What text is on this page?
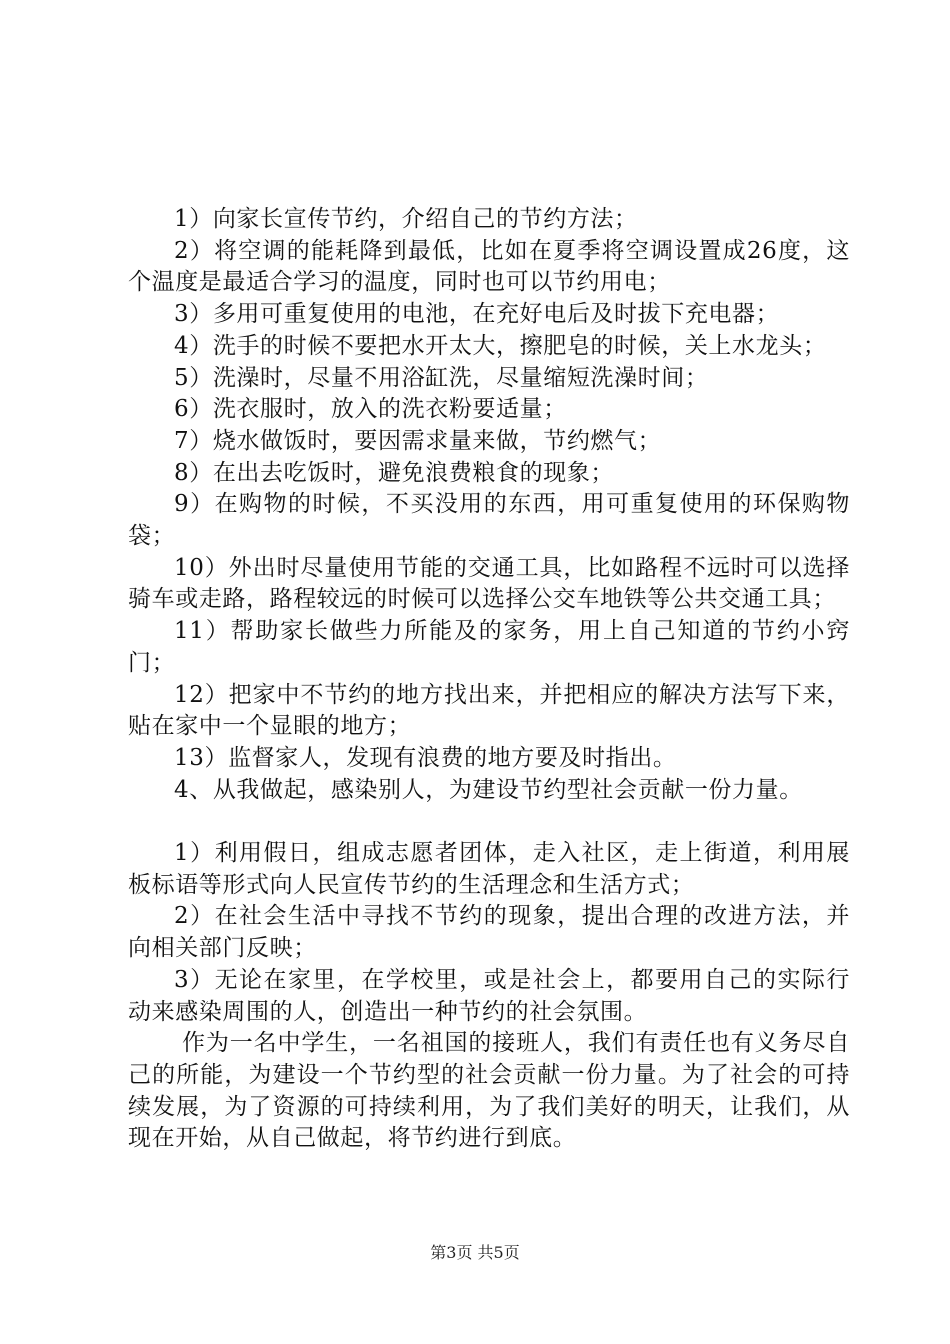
1）向家长宣传节约，介绍自己的节约方法；

2）将空调的能耗降到最低，比如在夏季将空调设置成26度，这个温度是最适合学习的温度，同时也可以节约用电；

3）多用可重复使用的电池，在充好电后及时拔下充电器；

4）洗手的时候不要把水开太大，擦肥皂的时候，关上水龙头；

5）洗澡时，尽量不用浴缸洗，尽量缩短洗澡时间；

6）洗衣服时，放入的洗衣粉要适量；

7）烧水做饭时，要因需求量来做，节约燃气；

8）在出去吃饭时，避免浪费粮食的现象；

9）在购物的时候，不买没用的东西，用可重复使用的环保购物袋；

10）外出时尽量使用节能的交通工具，比如路程不远时可以选择骑车或走路，路程较远的时候可以选择公交车地铁等公共交通工具；

11）帮助家长做些力所能及的家务，用上自己知道的节约小窍门；

12）把家中不节约的地方找出来，并把相应的解决方法写下来，贴在家中一个显眼的地方；

13）监督家人，发现有浪费的地方要及时指出。

4、从我做起，感染别人，为建设节约型社会贡献一份力量。

1）利用假日，组成志愿者团体，走入社区，走上街道，利用展板标语等形式向人民宣传节约的生活理念和生活方式；

2）在社会生活中寻找不节约的现象，提出合理的改进方法，并向相关部门反映；

3）无论在家里，在学校里，或是社会上，都要用自己的实际行动来感染周围的人，创造出一种节约的社会氛围。

作为一名中学生，一名祖国的接班人，我们有责任也有义务尽自己的所能，为建设一个节约型的社会贡献一份力量。为了社会的可持续发展，为了资源的可持续利用，为了我们美好的明天，让我们，从现在开始，从自己做起，将节约进行到底。

第3页 共5页
